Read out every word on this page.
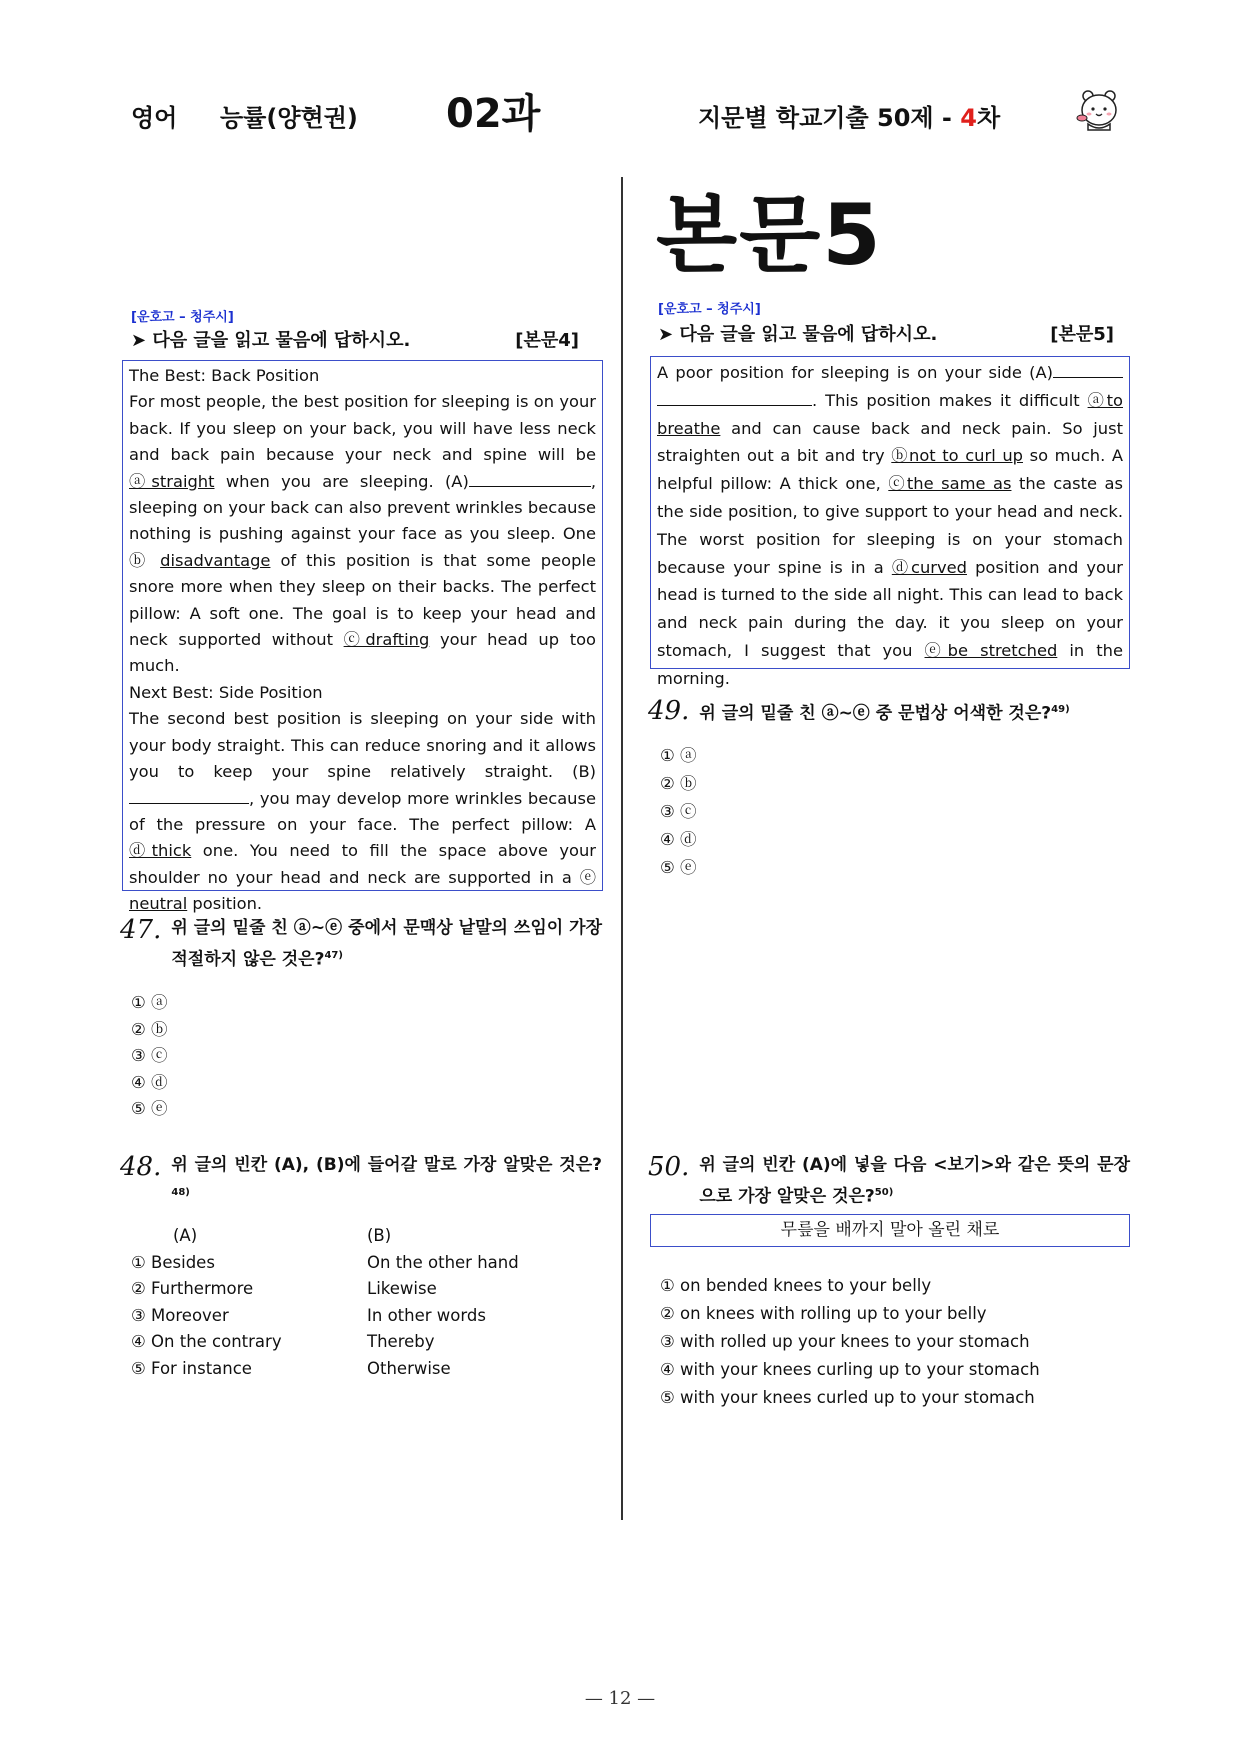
영어 능률(양현권) 02과	지문별 학교기출 50제 - 4차
본문5
[운호고 – 청주시]
➤ 다음 글을 읽고 물음에 답하시오.	[본문4]

The Best: Back Position

For most people, the best position for sleeping is on your back. If you sleep on your back, you will have less neck and back pain because your neck and spine will be ⓐstraight when you are sleeping. (A)	, sleeping on your back can also prevent wrinkles because nothing is pushing against your face as you sleep. One ⓑ disadvantage of this position is that some people snore more when they sleep on their backs. The perfect pillow: A soft one. The goal is to keep your head and neck supported without ⓒdrafting your head up too much.

Next Best: Side Position

The second best position is sleeping on your side with your body straight. This can reduce snoring and it allows you to keep your spine relatively straight. (B), you may develop more wrinkles because of the pressure on your face. The perfect pillow: A ⓓthick one. You need to fill the space above your shoulder no your head and neck are supported in a ⓔ neutral position.

47. 위 글의 밑줄 친 ⓐ~ⓔ 중에서 문맥상 낱말의 쓰임이 가장 적절하지 않은 것은?$^{47)}$
① ⓐ
② ⓑ
③ ⓒ
④ ⓓ
⑤ ⓔ
48. 위 글의 빈칸 (A), (B)에 들어갈 말로 가장 알맞은 것은?$^{48)}$
(A)	(B)
① Besides	On the other hand
② Furthermore	Likewise
③ Moreover	In other words
④ On the contrary	Thereby
⑤ For instance	Otherwise
[운호고 – 청주시]
➤ 다음 글을 읽고 물음에 답하시오.	[본문5]

A poor position for sleeping is on your side (A) . This position makes it difficult ⓐto breathe and can cause back and neck pain. So just straighten out a bit and try ⓑnot to curl up so much. A helpful pillow: A thick one, ⓒthe same as the caste as the side position, to give support to your head and neck. The worst position for sleeping is on your stomach because your spine is in a ⓓcurved position and your head is turned to the side all night. This can lead to back and neck pain during the day. it you sleep on your stomach, I suggest that you ⓔbe stretched in the morning.

49. 위 글의 밑줄 친 ⓐ~ⓔ 중 문법상 어색한 것은?$^{49)}$
① ⓐ
② ⓑ
③ ⓒ
④ ⓓ
⑤ ⓔ
50. 위 글의 빈칸 (A)에 넣을 다음 <보기>와 같은 뜻의 문장으로 가장 알맞은 것은?$^{50)}$
무릎을 배까지 말아 올린 채로
① on bended knees to your belly
② on knees with rolling up to your belly
③ with rolled up your knees to your stomach
④ with your knees curling up to your stomach
⑤ with your knees curled up to your stomach
— 12 —
